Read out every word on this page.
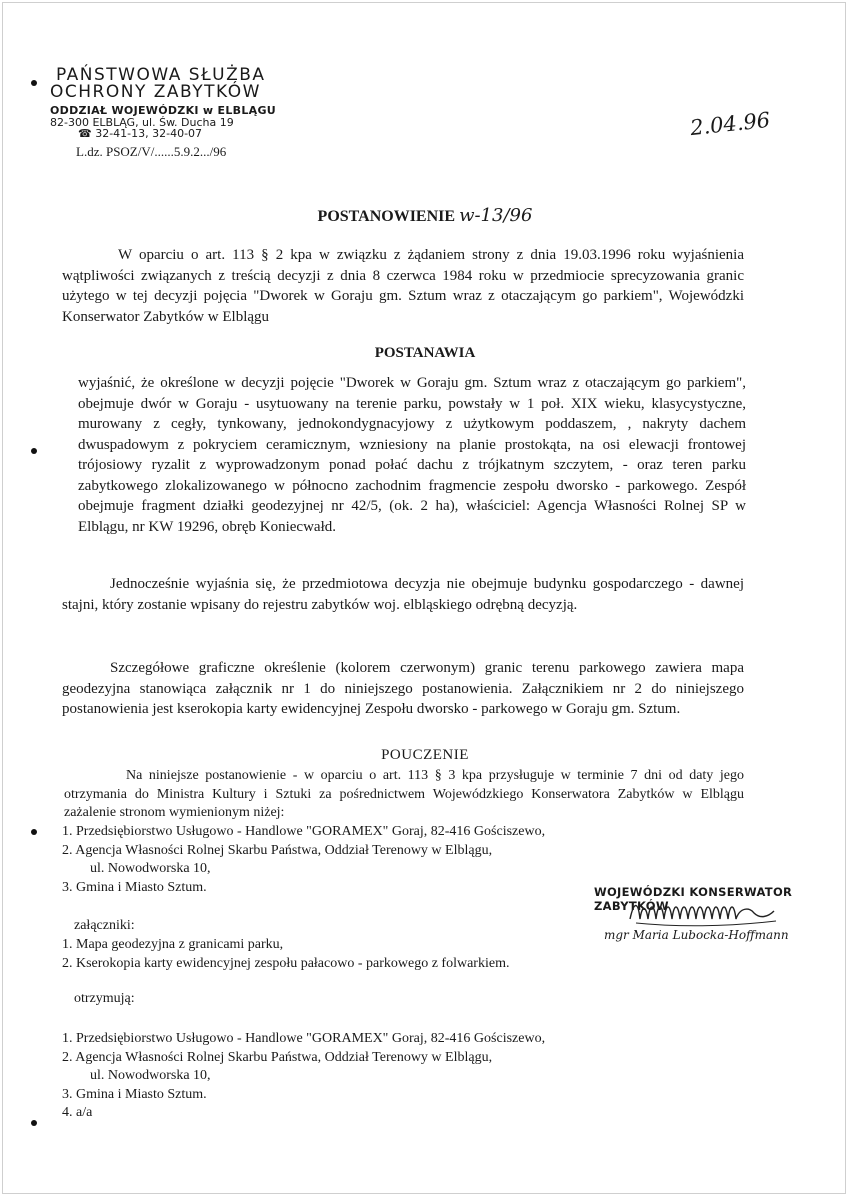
PAŃSTWOWA SŁUŻBA
OCHRONY ZABYTKÓW
ODDZIAŁ WOJEWÓDZKI w ELBLĄGU
82-300 ELBLĄG, ul. Św. Ducha 19
☎ 32-41-13, 32-40-07
L.dz. PSOZ/V/......5.9.2.../96
2.04.96
POSTANOWIENIE w-13/96
W oparciu o art. 113 § 2 kpa w związku z żądaniem strony z dnia 19.03.1996 roku wyjaśnienia wątpliwości związanych z treścią decyzji z dnia 8 czerwca 1984 roku w przedmiocie sprecyzowania granic użytego w tej decyzji pojęcia "Dworek w Goraju gm. Sztum wraz z otaczającym go parkiem", Wojewódzki Konserwator Zabytków w Elblągu
POSTANAWIA
wyjaśnić, że określone w decyzji pojęcie "Dworek w Goraju gm. Sztum wraz z otaczającym go parkiem", obejmuje dwór w Goraju - usytuowany na terenie parku, powstały w 1 poł. XIX wieku, klasycystyczne, murowany z cegły, tynkowany, jednokondygnacyjowy z użytkowym poddaszem, , nakryty dachem dwuspadowym z pokryciem ceramicznym, wzniesiony na planie prostokąta, na osi elewacji frontowej trójosiowy ryzalit z wyprowadzonym ponad połać dachu z trójkatnym szczytem, - oraz teren parku zabytkowego zlokalizowanego w północno zachodnim fragmencie zespołu dworsko - parkowego. Zespół obejmuje fragment działki geodezyjnej nr 42/5, (ok. 2 ha), właściciel: Agencja Własności Rolnej SP w Elblągu, nr KW 19296, obręb Koniecwałd.
Jednocześnie wyjaśnia się, że przedmiotowa decyzja nie obejmuje budynku gospodarczego - dawnej stajni, który zostanie wpisany do rejestru zabytków woj. elbląskiego odrębną decyzją.
Szczegółowe graficzne określenie (kolorem czerwonym) granic terenu parkowego zawiera mapa geodezyjna stanowiąca załącznik nr 1 do niniejszego postanowienia. Załącznikiem nr 2 do niniejszego postanowienia jest kserokopia karty ewidencyjnej Zespołu dworsko - parkowego w Goraju gm. Sztum.
POUCZENIE
Na niniejsze postanowienie - w oparciu o art. 113 § 3 kpa przysługuje w terminie 7 dni od daty jego otrzymania do Ministra Kultury i Sztuki za pośrednictwem Wojewódzkiego Konserwatora Zabytków w Elblągu zażalenie stronom wymienionym niżej:
1. Przedsiębiorstwo Usługowo - Handlowe "GORAMEX" Goraj, 82-416 Gościszewo,
2. Agencja Własności Rolnej Skarbu Państwa, Oddział Terenowy w Elblągu,
ul. Nowodworska 10,
3. Gmina i Miasto Sztum.
załączniki:
1. Mapa geodezyjna z granicami parku,
2. Kserokopia karty ewidencyjnej zespołu pałacowo - parkowego z folwarkiem.
otrzymują:
1. Przedsiębiorstwo Usługowo - Handlowe "GORAMEX" Goraj, 82-416 Gościszewo,
2. Agencja Własności Rolnej Skarbu Państwa, Oddział Terenowy w Elblągu,
ul. Nowodworska 10,
3. Gmina i Miasto Sztum.
4. a/a
WOJEWÓDZKI KONSERWATOR ZABYTKÓW
mgr Maria Lubocka-Hoffmann
